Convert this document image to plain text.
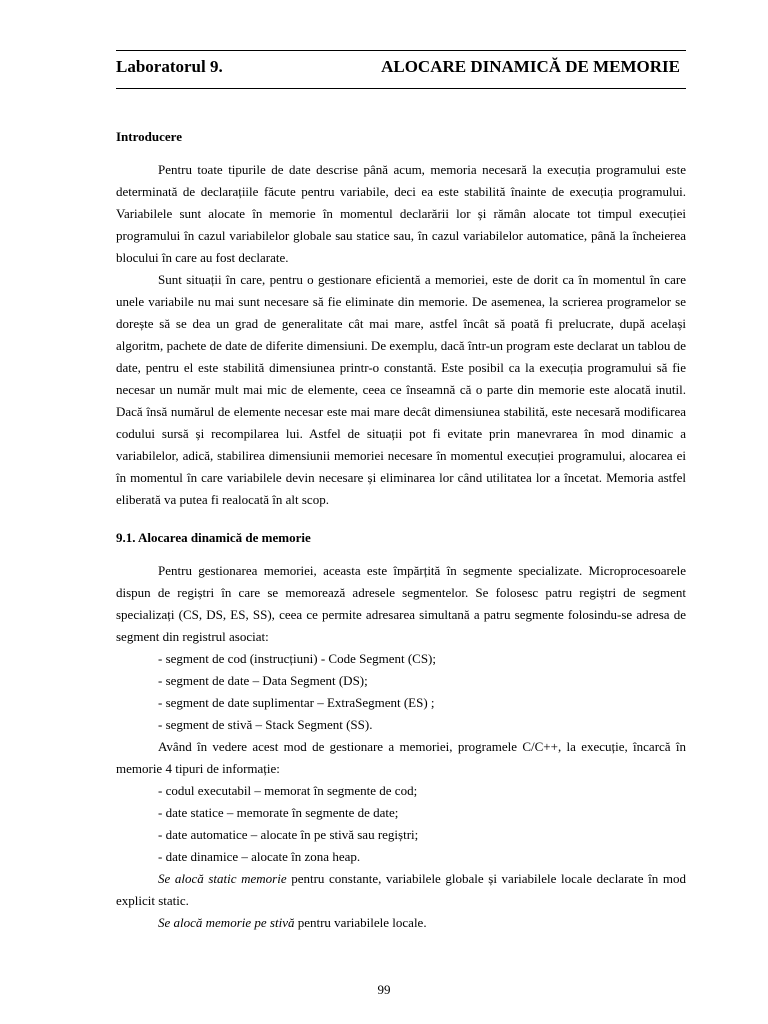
Laboratorul 9.	ALOCARE DINAMICĂ DE MEMORIE

Introducere

Pentru toate tipurile de date descrise până acum, memoria necesară la execuția programului este determinată de declarațiile făcute pentru variabile, deci ea este stabilită înainte de execuția programului. Variabilele sunt alocate în memorie în momentul declarării lor și rămân alocate tot timpul execuției programului în cazul variabilelor globale sau statice sau, în cazul variabilelor automatice, până la încheierea blocului în care au fost declarate.

Sunt situații în care, pentru o gestionare eficientă a memoriei, este de dorit ca în momentul în care unele variabile nu mai sunt necesare să fie eliminate din memorie. De asemenea, la scrierea programelor se dorește să se dea un grad de generalitate cât mai mare, astfel încât să poată fi prelucrate, după același algoritm, pachete de date de diferite dimensiuni. De exemplu, dacă într-un program este declarat un tablou de date, pentru el este stabilită dimensiunea printr-o constantă. Este posibil ca la execuția programului să fie necesar un număr mult mai mic de elemente, ceea ce înseamnă că o parte din memorie este alocată inutil. Dacă însă numărul de elemente necesar este mai mare decât dimensiunea stabilită, este necesară modificarea codului sursă și recompilarea lui. Astfel de situații pot fi evitate prin manevrarea în mod dinamic a variabilelor, adică, stabilirea dimensiunii memoriei necesare în momentul execuției programului, alocarea ei în momentul în care variabilele devin necesare și eliminarea lor când utilitatea lor a încetat. Memoria astfel eliberată va putea fi realocată în alt scop.

9.1. Alocarea dinamică de memorie

Pentru gestionarea memoriei, aceasta este împărțită în segmente specializate. Microprocesoarele dispun de regiștri în care se memorează adresele segmentelor. Se folosesc patru regiștri de segment specializați (CS, DS, ES, SS), ceea ce permite adresarea simultană a patru segmente folosindu-se adresa de segment din registrul asociat:

- segment de cod (instrucțiuni) - Code Segment (CS);

- segment de date – Data Segment (DS);

- segment de date suplimentar – ExtraSegment (ES) ;

- segment de stivă – Stack Segment (SS).

Având în vedere acest mod de gestionare a memoriei, programele C/C++, la execuție, încarcă în memorie 4 tipuri de informație:

- codul executabil – memorat în segmente de cod;

- date statice – memorate în segmente de date;

- date automatice – alocate în pe stivă sau regiștri;

- date dinamice – alocate în zona heap.

Se alocă static memorie pentru constante, variabilele globale și variabilele locale declarate în mod explicit static.

Se alocă memorie pe stivă pentru variabilele locale.

99
